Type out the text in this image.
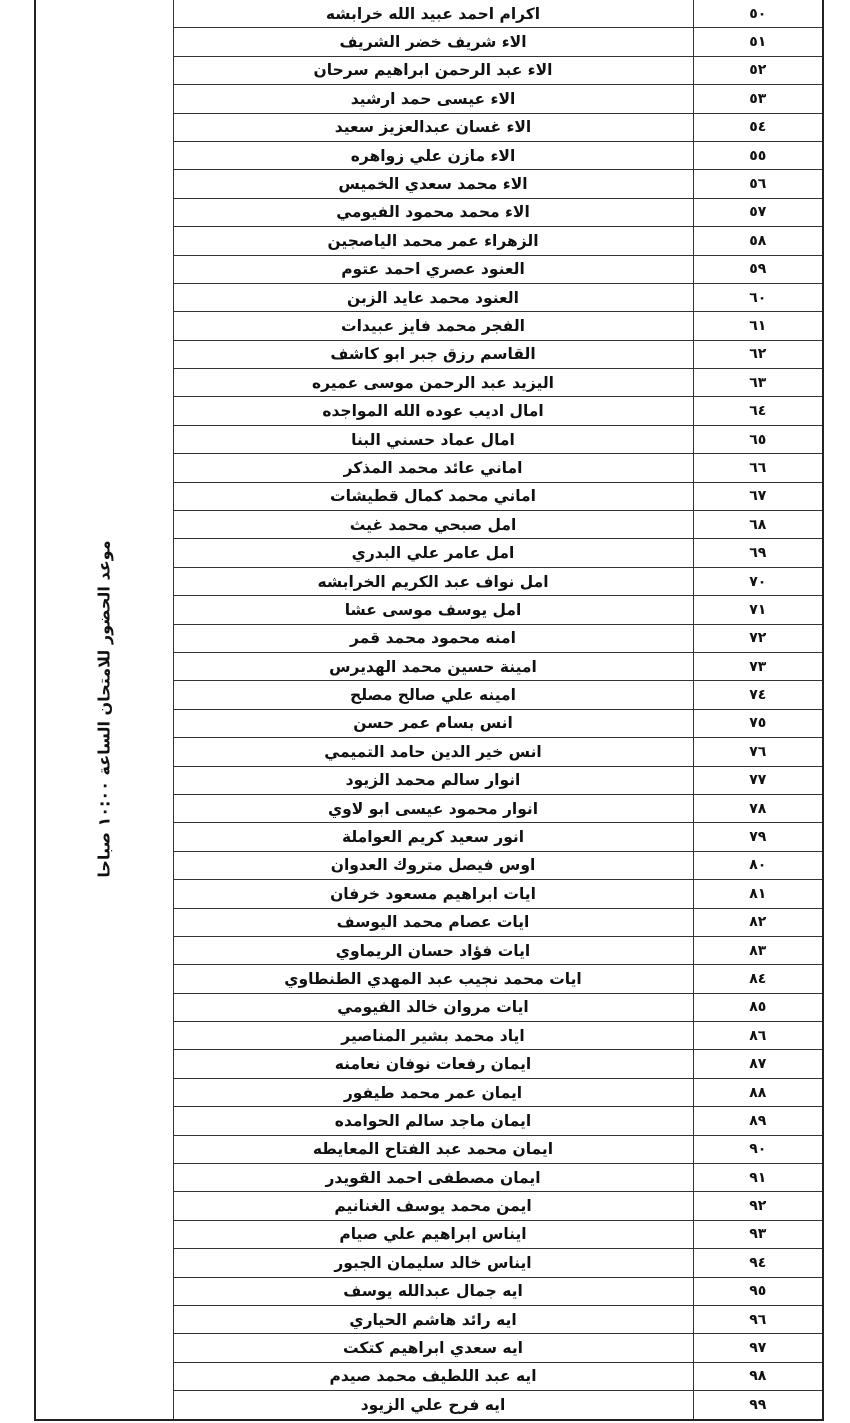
٥٠	اكرام احمد عبيد الله خرابشه	موعد الحضور للامتحان الساعة ١٠:٠٠ صباحا

٥١	الاء شريف خضر الشريف	
٥٢	الاء عبد الرحمن ابراهيم سرحان	
٥٣	الاء عيسى حمد ارشيد	
٥٤	الاء غسان عبدالعزيز سعيد	
٥٥	الاء مازن علي زواهره	
٥٦	الاء محمد سعدي الخميس	
٥٧	الاء محمد محمود الفيومي	
٥٨	الزهراء عمر محمد الياصجين	
٥٩	العنود عصري احمد عتوم	
٦٠	العنود محمد عايد الزبن	
٦١	الفجر محمد فايز عبيدات	
٦٢	القاسم رزق جبر ابو كاشف	
٦٣	اليزيد عبد الرحمن موسى عميره	
٦٤	امال اديب عوده الله المواجده	
٦٥	امال عماد حسني البنا	
٦٦	اماني عائد محمد المذكر	
٦٧	اماني محمد كمال قطيشات	
٦٨	امل صبحي محمد غيث	
٦٩	امل عامر علي البدري	
٧٠	امل نواف عبد الكريم الخرابشه	
٧١	امل يوسف موسى عشا	
٧٢	امنه محمود محمد قمر	
٧٣	امينة حسين محمد الهديرس	
٧٤	امينه علي صالح مصلح	
٧٥	انس بسام عمر حسن	
٧٦	انس خير الدين حامد التميمي	
٧٧	انوار سالم محمد الزيود	
٧٨	انوار محمود عيسى ابو لاوي	
٧٩	انور سعيد كريم العواملة	
٨٠	اوس فيصل متروك العدوان	
٨١	ايات ابراهيم مسعود خرفان	
٨٢	ايات عصام محمد اليوسف	
٨٣	ايات فؤاد حسان الريماوي	
٨٤	ايات محمد نجيب عبد المهدي الطنطاوي	
٨٥	ايات مروان خالد الفيومي	
٨٦	اياد محمد بشير المناصير	
٨٧	ايمان رفعات نوفان نعامنه	
٨٨	ايمان عمر محمد طيفور	
٨٩	ايمان ماجد سالم الحوامده	
٩٠	ايمان محمد عبد الفتاح المعايطه	
٩١	ايمان مصطفى احمد القويدر	
٩٢	ايمن محمد يوسف الغنانيم	
٩٣	ايناس ابراهيم علي صيام	
٩٤	ايناس خالد سليمان الجبور	
٩٥	ايه جمال عبدالله يوسف	
٩٦	ايه رائد هاشم الحياري	
٩٧	ايه سعدي ابراهيم كتكت	
٩٨	ايه عبد اللطيف محمد صيدم	
٩٩	ايه فرح علي الزيود	
